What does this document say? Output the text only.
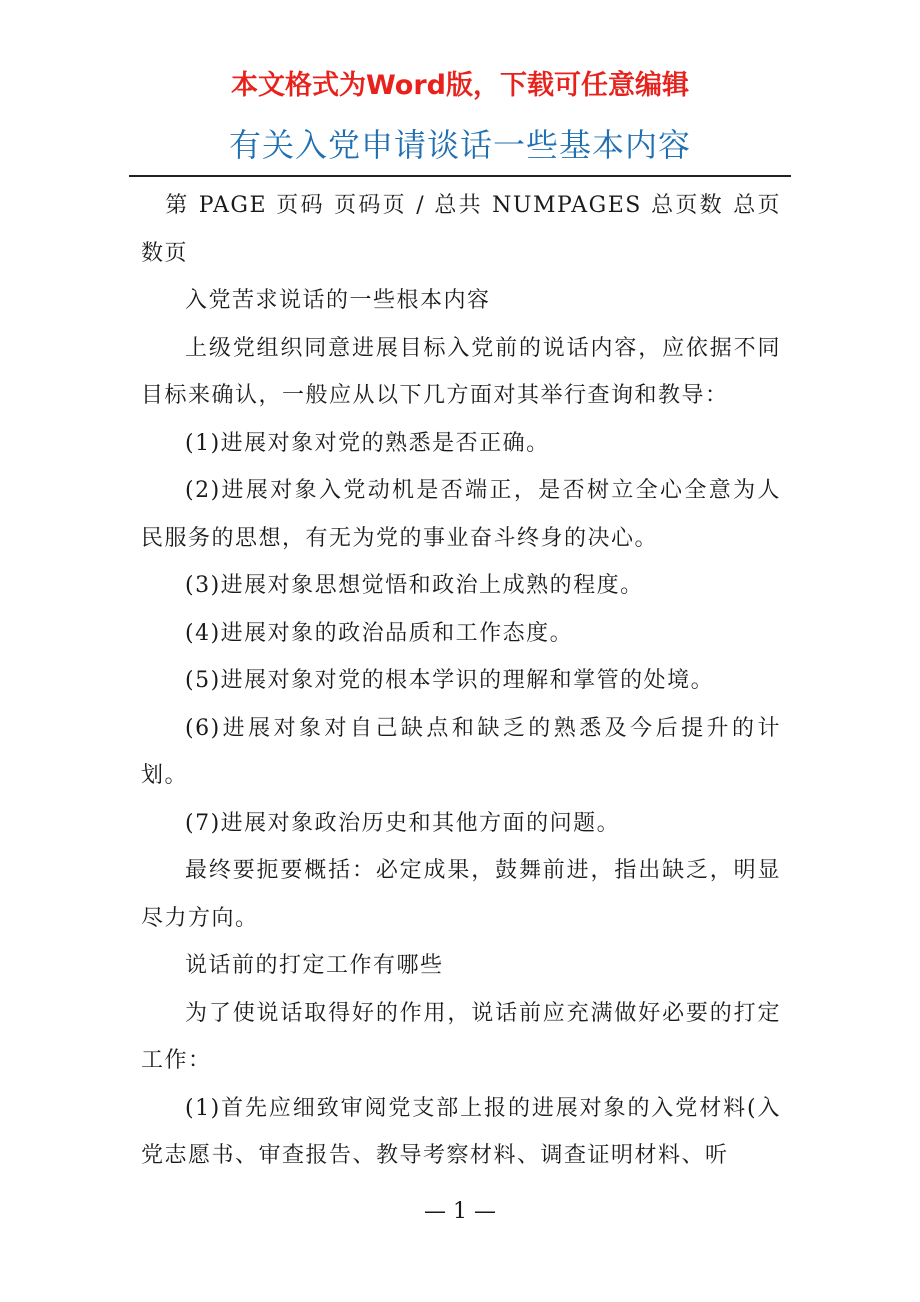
本文格式为Word版，下载可任意编辑
有关入党申请谈话一些基本内容

第 PAGE 页码 页码页 / 总共 NUMPAGES 总页数 总页数页

入党苦求说话的一些根本内容

上级党组织同意进展目标入党前的说话内容，应依据不同目标来确认，一般应从以下几方面对其举行查询和教导：

(1)进展对象对党的熟悉是否正确。

(2)进展对象入党动机是否端正，是否树立全心全意为人民服务的思想，有无为党的事业奋斗终身的决心。

(3)进展对象思想觉悟和政治上成熟的程度。

(4)进展对象的政治品质和工作态度。

(5)进展对象对党的根本学识的理解和掌管的处境。

(6)进展对象对自己缺点和缺乏的熟悉及今后提升的计划。

(7)进展对象政治历史和其他方面的问题。

最终要扼要概括：必定成果，鼓舞前进，指出缺乏，明显尽力方向。

说话前的打定工作有哪些

为了使说话取得好的作用，说话前应充满做好必要的打定工作：

(1)首先应细致审阅党支部上报的进展对象的入党材料(入党志愿书、审查报告、教导考察材料、调查证明材料、听

— 1 —
